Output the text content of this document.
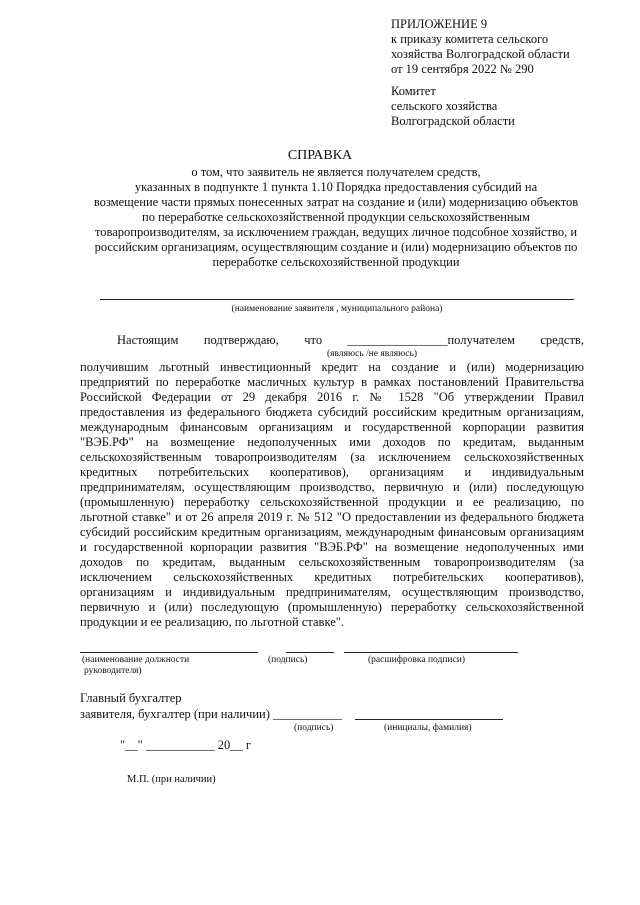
ПРИЛОЖЕНИЕ 9
к приказу комитета сельского
хозяйства Волгоградской области
от 19 сентября 2022 № 290
Комитет
сельского хозяйства
Волгоградской области
СПРАВКА
о том, что заявитель не является получателем средств,
указанных в подпункте 1 пункта 1.10 Порядка предоставления субсидий на
возмещение части прямых понесенных затрат на создание и (или) модернизацию объектов
по переработке сельскохозяйственной продукции сельскохозяйственным
товаропроизводителям, за исключением граждан, ведущих личное подсобное хозяйство, и
российским организациям, осуществляющим создание и (или) модернизацию объектов по
переработке сельскохозяйственной продукции
(наименование заявителя , муниципального района)
Настоящим подтверждаю, что ________________получателем средств,
(являюсь /не являюсь)
получившим льготный инвестиционный кредит на создание и (или) модернизацию предприятий по переработке масличных культур в рамках постановлений Правительства Российской Федерации от 29 декабря 2016 г. № 1528 "Об утверждении Правил предоставления из федерального бюджета субсидий российским кредитным организациям, международным финансовым организациям и государственной корпорации развития "ВЭБ.РФ" на возмещение недополученных ими доходов по кредитам, выданным сельскохозяйственным товаропроизводителям (за исключением сельскохозяйственных кредитных потребительских кооперативов), организациям и индивидуальным предпринимателям, осуществляющим производство, первичную и (или) последующую (промышленную) переработку сельскохозяйственной продукции и ее реализацию, по льготной ставке" и от 26 апреля 2019 г. № 512 "О предоставлении из федерального бюджета субсидий российским кредитным организациям, международным финансовым организациям и государственной корпорации развития "ВЭБ.РФ" на возмещение недополученных ими доходов по кредитам, выданным сельскохозяйственным товаропроизводителям (за исключением сельскохозяйственных кредитных потребительских кооперативов), организациям и индивидуальным предпринимателям, осуществляющим производство, первичную и (или) последующую (промышленную) переработку сельскохозяйственной продукции и ее реализацию, по льготной ставке".
(наименование должности
руководителя)
(подпись)	(расшифровка подписи)
Главный бухгалтер
заявителя, бухгалтер (при наличии) ___________
(подпись)	(инициалы, фамилия)
"__" ___________ 20__ г
М.П. (при наличии)
